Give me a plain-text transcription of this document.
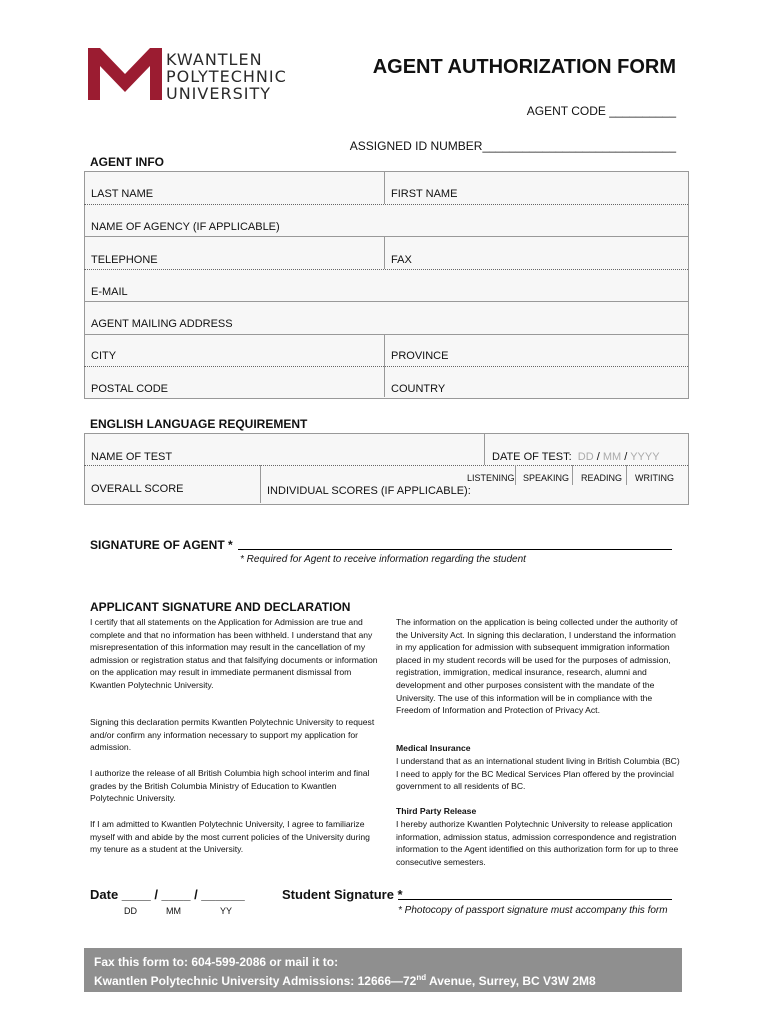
KWANTLEN
POLYTECHNIC
UNIVERSITY
AGENT AUTHORIZATION FORM
AGENT CODE __________
ASSIGNED ID NUMBER_____________________________
AGENT INFO
LAST NAME	FIRST NAME
NAME OF AGENCY (IF APPLICABLE)
TELEPHONE	FAX
E-MAIL
AGENT MAILING ADDRESS
CITY	PROVINCE
POSTAL CODE	COUNTRY
ENGLISH LANGUAGE REQUIREMENT
NAME OF TEST	DATE OF TEST: DD / MM / YYYY
OVERALL SCORE	INDIVIDUAL SCORES (IF APPLICABLE):
LISTENING SPEAKING READING WRITING
SIGNATURE OF AGENT *
* Required for Agent to receive information regarding the student
APPLICANT SIGNATURE AND DECLARATION
I certify that all statements on the Application for Admission are true and complete and that no information has been withheld. I understand that any misrepresentation of this information may result in the cancellation of my admission or registration status and that falsifying documents or information on the application may result in immediate permanent dismissal from Kwantlen Polytechnic University.
Signing this declaration permits Kwantlen Polytechnic University to request and/or confirm any information necessary to support my application for admission.
I authorize the release of all British Columbia high school interim and final grades by the British Columbia Ministry of Education to Kwantlen Polytechnic University.
If I am admitted to Kwantlen Polytechnic University, I agree to familiarize myself with and abide by the most current policies of the University during my tenure as a student at the University.
The information on the application is being collected under the authority of the University Act. In signing this declaration, I understand the information in my application for admission with subsequent immigration information placed in my student records will be used for the purposes of admission, registration, immigration, medical insurance, research, alumni and development and other purposes consistent with the mandate of the University. The use of this information will be in compliance with the Freedom of Information and Protection of Privacy Act.
Medical Insurance
I understand that as an international student living in British Columbia (BC) I need to apply for the BC Medical Services Plan offered by the provincial government to all residents of BC.
Third Party Release
I hereby authorize Kwantlen Polytechnic University to release application information, admission status, admission correspondence and registration information to the Agent identified on this authorization form for up to three consecutive semesters.
Date ____ / ____ / ______
DD	MM	YY
Student Signature *
* Photocopy of passport signature must accompany this form
Fax this form to: 604-599-2086 or mail it to:
Kwantlen Polytechnic University Admissions: 12666—72nd Avenue, Surrey, BC V3W 2M8
